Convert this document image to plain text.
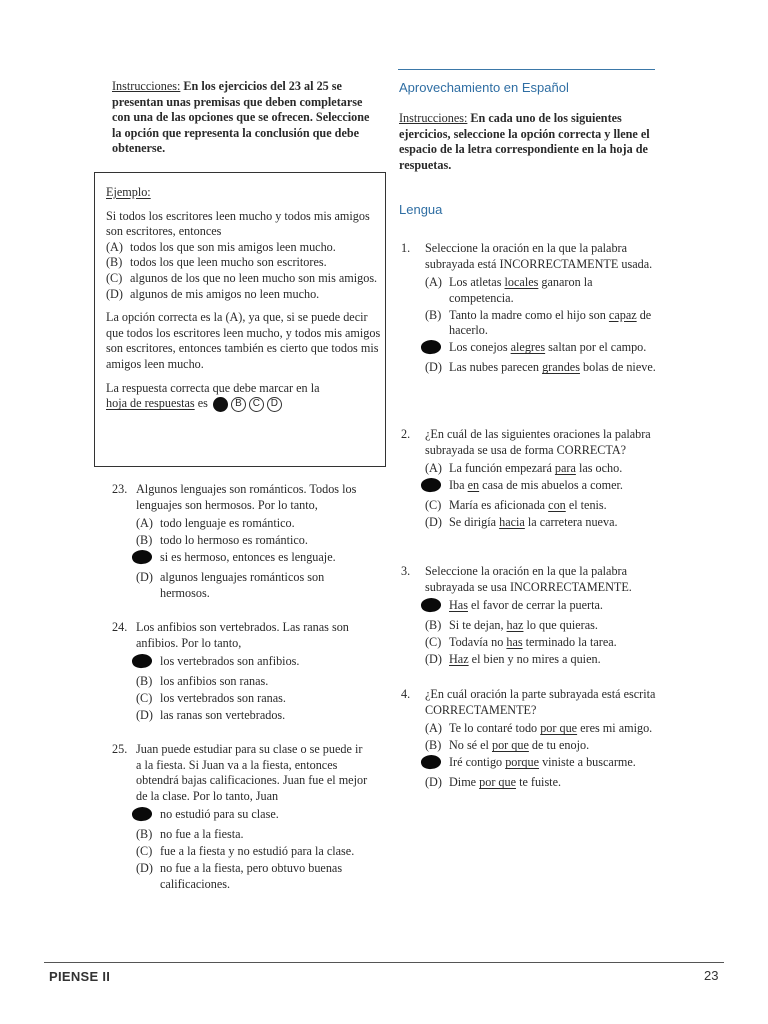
Instrucciones: En los ejercicios del 23 al 25 se presentan unas premisas que deben completarse con una de las opciones que se ofrecen. Seleccione la opción que representa la conclusión que debe obtenerse.
Ejemplo:
Si todos los escritores leen mucho y todos mis amigos son escritores, entonces
(A) todos los que son mis amigos leen mucho.
(B) todos los que leen mucho son escritores.
(C) algunos de los que no leen mucho son mis amigos.
(D) algunos de mis amigos no leen mucho.
La opción correcta es la (A), ya que, si se puede decir que todos los escritores leen mucho, y todos mis amigos son escritores, entonces también es cierto que todos mis amigos leen mucho.
La respuesta correcta que debe marcar en la
hoja de respuestas es	B	C	D
23. Algunos lenguajes son románticos. Todos los lenguajes son hermosos. Por lo tanto,
(A) todo lenguaje es romántico.
(B) todo lo hermoso es romántico.
si es hermoso, entonces es lenguaje.
(D) algunos lenguajes románticos son hermosos.
24. Los anfibios son vertebrados. Las ranas son anfibios. Por lo tanto,
los vertebrados son anfibios.
(B) los anfibios son ranas.
(C) los vertebrados son ranas.
(D) las ranas son vertebrados.
25. Juan puede estudiar para su clase o se puede ir a la fiesta. Si Juan va a la fiesta, entonces obtendrá bajas calificaciones. Juan fue el mejor de la clase. Por lo tanto, Juan
no estudió para su clase.
(B) no fue a la fiesta.
(C) fue a la fiesta y no estudió para la clase.
(D) no fue a la fiesta, pero obtuvo buenas calificaciones.
Aprovechamiento en Español
Instrucciones: En cada uno de los siguientes ejercicios, seleccione la opción correcta y llene el espacio de la letra correspondiente en la hoja de respuetas.
Lengua
1.	Seleccione la oración en la que la palabra subrayada está INCORRECTAMENTE usada.
(A) Los atletas locales ganaron la competencia.
(B) Tanto la madre como el hijo son capaz de hacerlo.
Los conejos alegres saltan por el campo.
(D) Las nubes parecen grandes bolas de nieve.
2.	¿En cuál de las siguientes oraciones la palabra subrayada se usa de forma CORRECTA?
(A) La función empezará para las ocho.
Iba en casa de mis abuelos a comer.
(C) María es aficionada con el tenis.
(D) Se dirigía hacia la carretera nueva.
3.	Seleccione la oración en la que la palabra subrayada se usa INCORRECTAMENTE.
Has el favor de cerrar la puerta.
(B) Si te dejan, haz lo que quieras.
(C) Todavía no has terminado la tarea.
(D) Haz el bien y no mires a quien.
4.	¿En cuál oración la parte subrayada está escrita CORRECTAMENTE?
(A) Te lo contaré todo por que eres mi amigo.
(B) No sé el por que de tu enojo.
Iré contigo porque viniste a buscarme.
(D) Dime por que te fuiste.
PIENSE II	23
